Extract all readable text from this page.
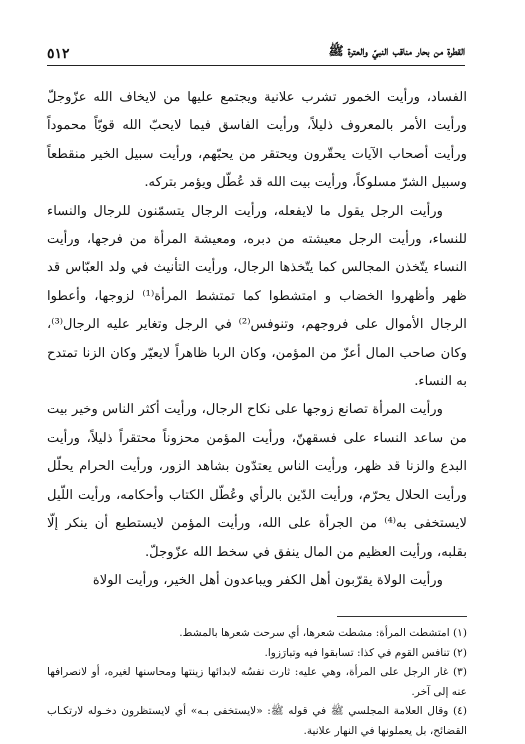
القطرة من بحار مناقب النبيّ والعترة ﷺ
٥١٢

الفساد، ورأيت الخمور تشرب علانية ويجتمع عليها من لايخاف الله عزّوجلّ ورأيت الأمر بالمعروف ذليلاً، ورأيت الفاسق فيما لايحبّ الله قويّاً محموداً ورأيت أصحاب الآيات يحقّرون ويحتقر من يحبّهم، ورأيت سبيل الخير منقطعاً وسبيل الشرّ مسلوكاً، ورأيت بيت الله قد عُطّل ويؤمر بتركه.

ورأيت الرجل يقول ما لايفعله، ورأيت الرجال يتسمّنون للرجال والنساء للنساء، ورأيت الرجل معيشته من دبره، ومعيشة المرأة من فرجها، ورأيت النساء يتّخذن المجالس كما يتّخذها الرجال، ورأيت التأنيث في ولد العبّاس قد ظهر وأظهروا الخضاب و امتشطوا كما تمتشط المرأة⁽¹⁾ لزوجها، وأعطوا الرجال الأموال على فروجهم، وتنوفس⁽²⁾ في الرجل وتغاير عليه الرجال⁽³⁾، وكان صاحب المال أعزّ من المؤمن، وكان الربا ظاهراً لايعيّر وكان الزنا تمتدح به النساء.

ورأيت المرأة تصانع زوجها على نكاح الرجال، ورأيت أكثر الناس وخير بيت من ساعد النساء على فسقهنّ، ورأيت المؤمن محزوناً محتقراً ذليلاً، ورأيت البدع والزنا قد ظهر، ورأيت الناس يعتدّون بشاهد الزور، ورأيت الحرام يحلّل ورأيت الحلال يحرّم، ورأيت الدّين بالرأي وعُطّل الكتاب وأحكامه، ورأيت اللّيل لايستخفى به⁽⁴⁾ من الجرأة على الله، ورأيت المؤمن لايستطيع أن ينكر إلّا بقلبه، ورأيت العظيم من المال ينفق في سخط الله عزّوجلّ.

ورأيت الولاة يقرّبون أهل الكفر ويباعدون أهل الخير، ورأيت الولاة

(١) امتشطت المرأة: مشطت شعرها، أي سرحت شعرها بالمشط.

(٢) تنافس القوم في كذا: تسابقوا فيه وتبارَزوا.

(٣) غار الرجل على المرأة، وهي عليه: ثارت نفسُه لابدائها زينتها ومحاسنها لغيره، أو لانصرافها عنه إلى آخر.

(٤) وقال العلامة المجلسي ﷺ في قوله ﷺ: «لايستخفى بـه» أي لايستظرون دخـوله لارتكـاب القضائح، بل يعملونها في النهار علانية.
